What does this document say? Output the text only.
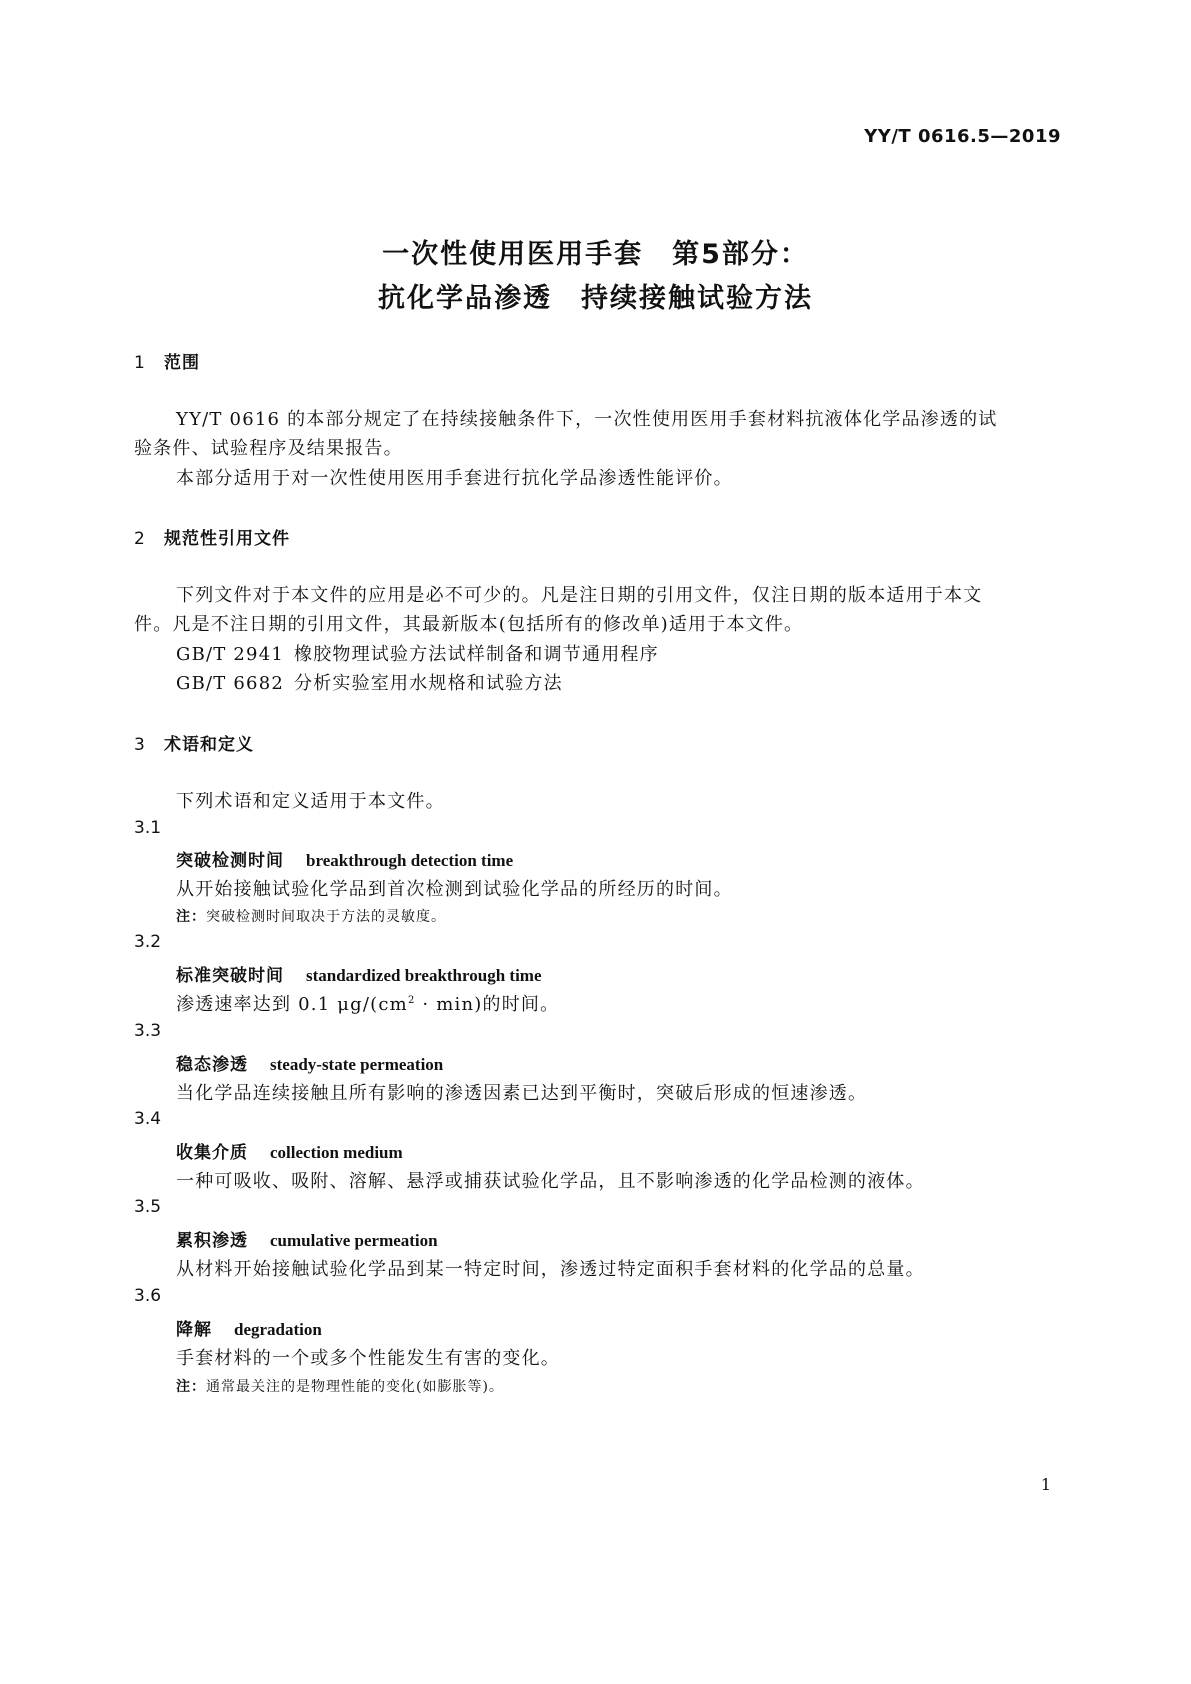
YY/T 0616.5—2019
一次性使用医用手套　第5部分：
抗化学品渗透　持续接触试验方法
1 范围
YY/T 0616 的本部分规定了在持续接触条件下，一次性使用医用手套材料抗液体化学品渗透的试
验条件、试验程序及结果报告。
本部分适用于对一次性使用医用手套进行抗化学品渗透性能评价。
2 规范性引用文件
下列文件对于本文件的应用是必不可少的。凡是注日期的引用文件，仅注日期的版本适用于本文
件。凡是不注日期的引用文件，其最新版本(包括所有的修改单)适用于本文件。
GB/T 2941 橡胶物理试验方法试样制备和调节通用程序
GB/T 6682 分析实验室用水规格和试验方法
3 术语和定义
下列术语和定义适用于本文件。
3.1
突破检测时间 breakthrough detection time
从开始接触试验化学品到首次检测到试验化学品的所经历的时间。
注：突破检测时间取决于方法的灵敏度。
3.2
标准突破时间 standardized breakthrough time
渗透速率达到 0.1 $\mu g/(cm^2 \cdot \min)$的时间。
3.3
稳态渗透 steady-state permeation
当化学品连续接触且所有影响的渗透因素已达到平衡时，突破后形成的恒速渗透。
3.4
收集介质 collection medium
一种可吸收、吸附、溶解、悬浮或捕获试验化学品，且不影响渗透的化学品检测的液体。
3.5
累积渗透 cumulative permeation
从材料开始接触试验化学品到某一特定时间，渗透过特定面积手套材料的化学品的总量。
3.6
降解 degradation
手套材料的一个或多个性能发生有害的变化。
注：通常最关注的是物理性能的变化(如膨胀等)。
1
